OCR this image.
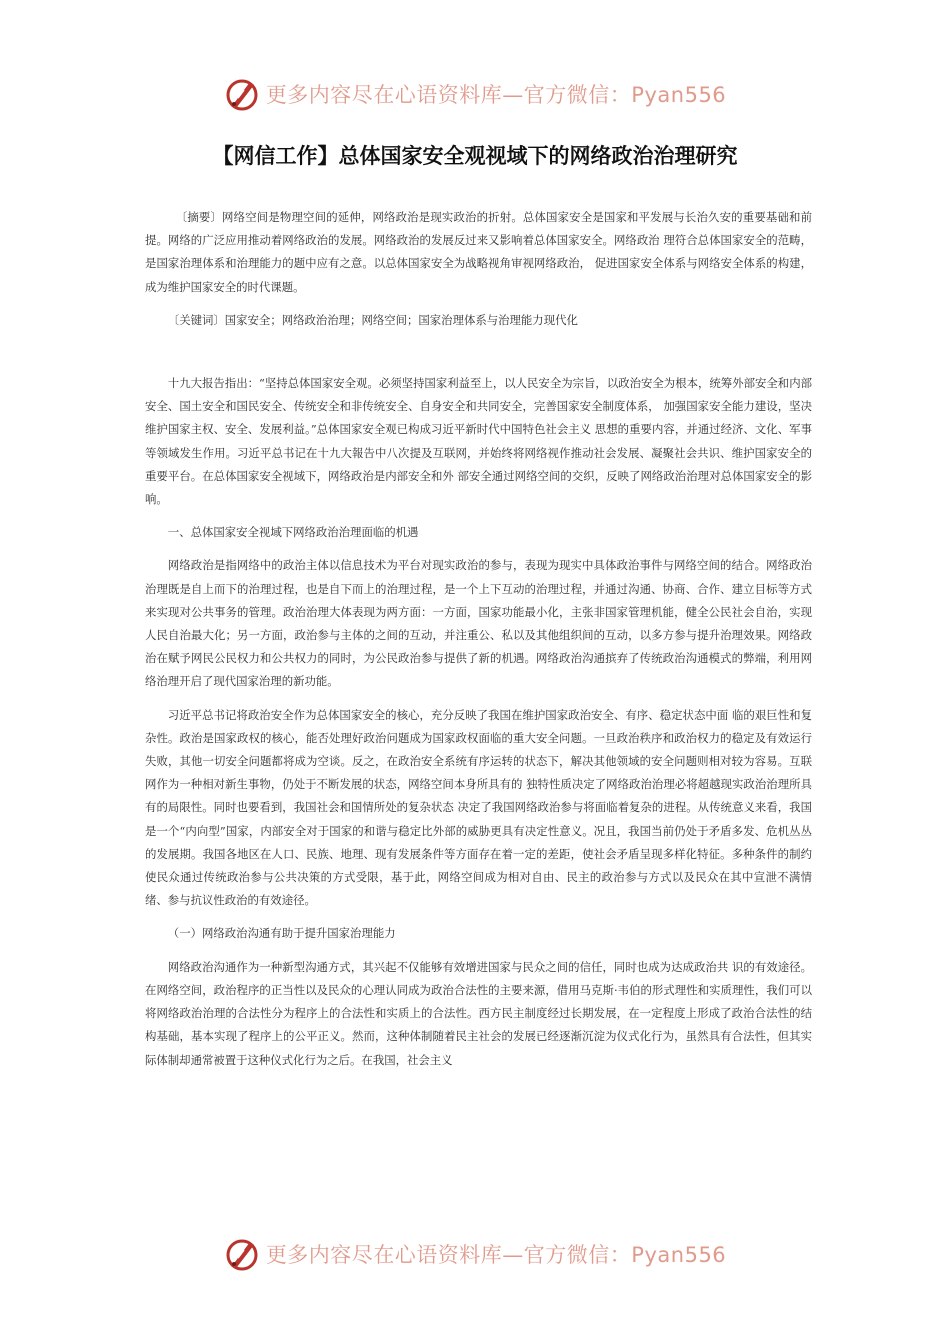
更多内容尽在心语资料库—官方微信：Pyan556
【网信工作】总体国家安全观视域下的网络政治治理研究

〔摘要〕网络空间是物理空间的延伸，网络政治是现实政治的折射。总体国家安全是国家和平发展与长治久安的重要基础和前提。网络的广泛应用推动着网络政治的发展。网络政治的发展反过来又影响着总体国家安全。网络政治 理符合总体国家安全的范畴，是国家治理体系和治理能力的题中应有之意。以总体国家安全为战略视角审视网络政治， 促进国家安全体系与网络安全体系的构建，成为维护国家安全的时代课题。

〔关键词〕国家安全；网络政治治理；网络空间；国家治理体系与治理能力现代化

十九大报告指出：“坚持总体国家安全观。必须坚持国家利益至上，以人民安全为宗旨，以政治安全为根本，统筹外部安全和内部安全、国土安全和国民安全、传统安全和非传统安全、自身安全和共同安全，完善国家安全制度体系， 加强国家安全能力建设，坚决维护国家主权、安全、发展利益。”总体国家安全观已构成习近平新时代中国特色社会主义 思想的重要内容，并通过经济、文化、军事等领域发生作用。习近平总书记在十九大報告中八次提及互联网，并始终将网络视作推动社会发展、凝聚社会共识、维护国家安全的重要平台。在总体国家安全视域下，网络政治是内部安全和外 部安全通过网络空间的交织，反映了网络政治治理对总体国家安全的影响。

一、总体国家安全视域下网络政治治理面临的机遇

网络政治是指网络中的政治主体以信息技术为平台对现实政治的参与，表现为现实中具体政治事件与网络空间的结合。网络政治治理既是自上而下的治理过程，也是自下而上的治理过程，是一个上下互动的治理过程，并通过沟通、协商、合作、建立目标等方式来实现对公共事务的管理。政治治理大体表现为两方面：一方面，国家功能最小化，主张非国家管理机能，健全公民社会自治，实现人民自治最大化；另一方面，政治参与主体的之间的互动，并注重公、私以及其他组织间的互动，以多方参与提升治理效果。网络政治在赋予网民公民权力和公共权力的同时，为公民政治参与提供了新的机遇。网络政治沟通摈弃了传统政治沟通模式的弊端，利用网络治理开启了现代国家治理的新功能。

习近平总书记将政治安全作为总体国家安全的核心，充分反映了我国在维护国家政治安全、有序、稳定状态中面 临的艰巨性和复杂性。政治是国家政权的核心，能否处理好政治问题成为国家政权面临的重大安全问题。一旦政治秩序和政治权力的稳定及有效运行失败，其他一切安全问题都将成为空谈。反之，在政治安全系统有序运转的状态下，解决其他领域的安全问题则相对较为容易。互联网作为一种相对新生事物，仍处于不断发展的状态，网络空间本身所具有的 独特性质决定了网络政治治理必将超越现实政治治理所具有的局限性。同时也要看到，我国社会和国情所处的复杂状态 决定了我国网络政治参与将面临着复杂的进程。从传统意义来看，我国是一个“内向型”国家，内部安全对于国家的和谐与稳定比外部的威胁更具有决定性意义。况且，我国当前仍处于矛盾多发、危机丛丛的发展期。我国各地区在人口、民族、地理、现有发展条件等方面存在着一定的差距，使社会矛盾呈现多样化特征。多种条件的制约使民众通过传统政治参与公共决策的方式受限，基于此，网络空间成为相对自由、民主的政治参与方式以及民众在其中宣泄不满情绪、参与抗议性政治的有效途径。

（一）网络政治沟通有助于提升国家治理能力

网络政治沟通作为一种新型沟通方式，其兴起不仅能够有效增进国家与民众之间的信任，同时也成为达成政治共 识的有效途径。在网络空间，政治程序的正当性以及民众的心理认同成为政治合法性的主要来源，借用马克斯·韦伯的形式理性和实质理性，我们可以将网络政治治理的合法性分为程序上的合法性和实质上的合法性。西方民主制度经过长期发展，在一定程度上形成了政治合法性的结构基础，基本实现了程序上的公平正义。然而，这种体制随着民主社会的发展已经逐渐沉淀为仪式化行为，虽然具有合法性，但其实际体制却通常被置于这种仪式化行为之后。在我国，社会主义

更多内容尽在心语资料库—官方微信：Pyan556
